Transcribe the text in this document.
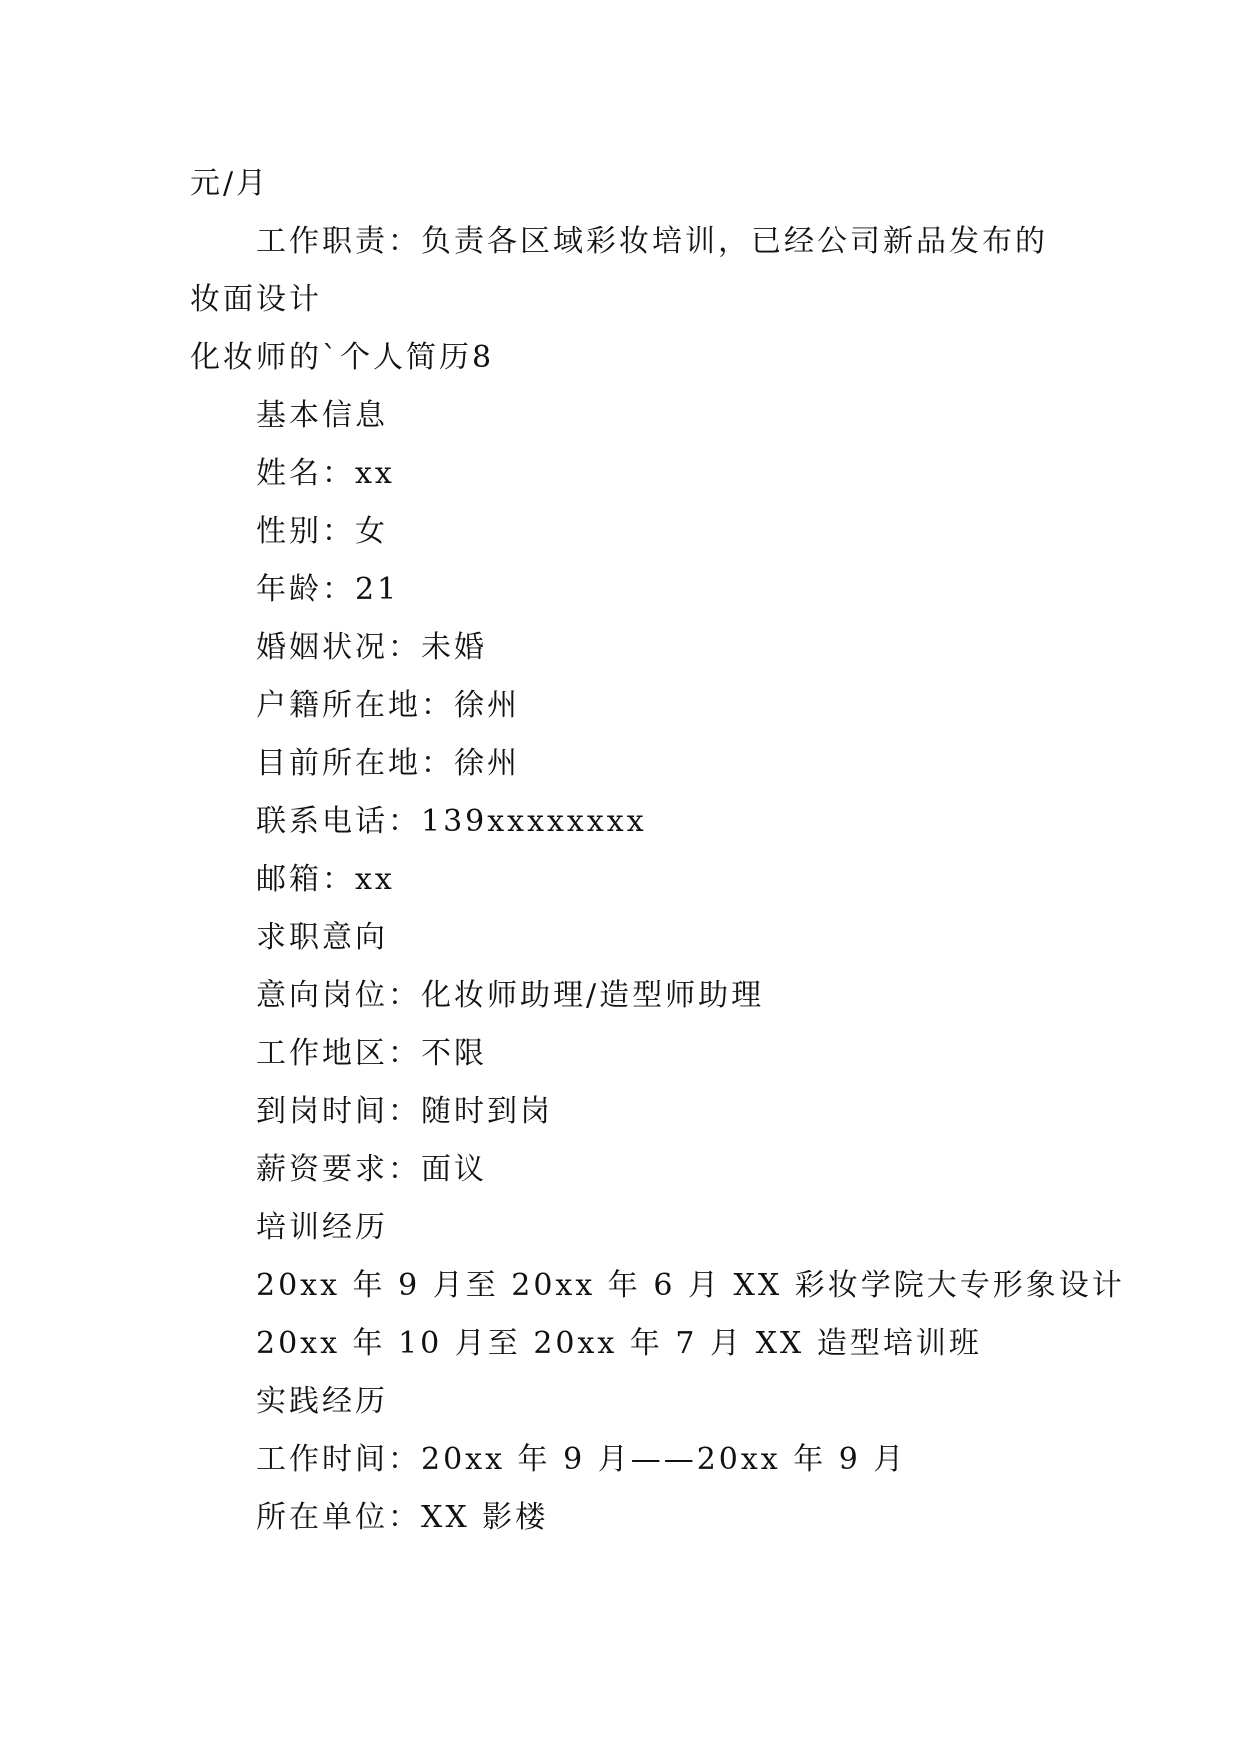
元/月
工作职责：负责各区域彩妆培训，已经公司新品发布的
妆面设计
化妆师的`个人简历8
基本信息
姓名：xx
性别：女
年龄：21
婚姻状况：未婚
户籍所在地：徐州
目前所在地：徐州
联系电话：139xxxxxxxx
邮箱：xx
求职意向
意向岗位：化妆师助理/造型师助理
工作地区：不限
到岗时间：随时到岗
薪资要求：面议
培训经历
20xx 年 9 月至 20xx 年 6 月 XX 彩妆学院大专形象设计
20xx 年 10 月至 20xx 年 7 月 XX 造型培训班
实践经历
工作时间：20xx 年 9 月——20xx 年 9 月
所在单位：XX 影楼
